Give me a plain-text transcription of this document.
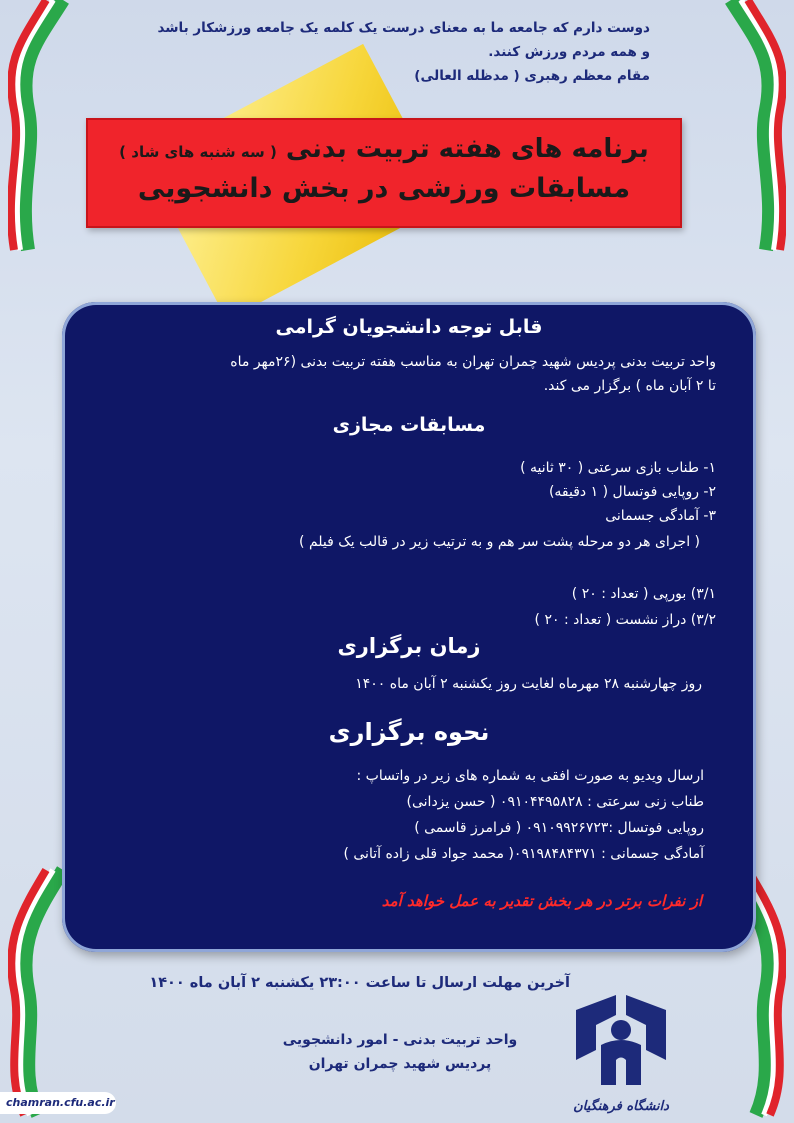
دوست دارم که جامعه ما به معنای درست یک کلمه یک جامعه ورزشکار باشد
و همه مردم ورزش کنند.
مقام معظم رهبری ( مدظله العالی)
برنامه های هفته تربیت بدنی ( سه شنبه های شاد )
مسابقات ورزشی در بخش دانشجویی
قابل توجه دانشجویان گرامی
واحد تربیت بدنی پردیس شهید چمران تهران به مناسب هفته تربیت بدنی (۲۶مهر ماه
تا ۲ آبان ماه ) برگزار می کند.
مسابقات مجازی
۱- طناب بازی سرعتی ( ۳۰ ثانیه )
۲- روپایی فوتسال ( ۱ دقیقه)
۳- آمادگی جسمانی
( اجرای هر دو مرحله پشت سر هم و به ترتیب زیر در قالب یک فیلم )
۳/۱) بورپی ( تعداد : ۲۰ )
۳/۲) دراز نشست ( تعداد : ۲۰ )
زمان برگزاری
روز چهارشنبه ۲۸ مهرماه لغایت روز یکشنبه ۲ آبان ماه ۱۴۰۰
نحوه برگزاری
ارسال ویدیو به صورت افقی به شماره های زیر در واتساپ :
طناب زنی سرعتی : ۰۹۱۰۴۴۹۵۸۲۸ ( حسن یزدانی)
روپایی فوتسال :۰۹۱۰۹۹۲۶۷۲۳ ( فرامرز قاسمی )
آمادگی جسمانی : ۰۹۱۹۸۴۸۴۳۷۱( محمد جواد قلی زاده آتانی )
از نفرات برتر در هر بخش تقدیر به عمل خواهد آمد
آخرین مهلت ارسال تا ساعت ۲۳:۰۰ یکشنبه ۲ آبان ماه ۱۴۰۰
واحد تربیت بدنی - امور دانشجویی
پردیس شهید چمران تهران
دانشگاه فرهنگیان
chamran.cfu.ac.ir
